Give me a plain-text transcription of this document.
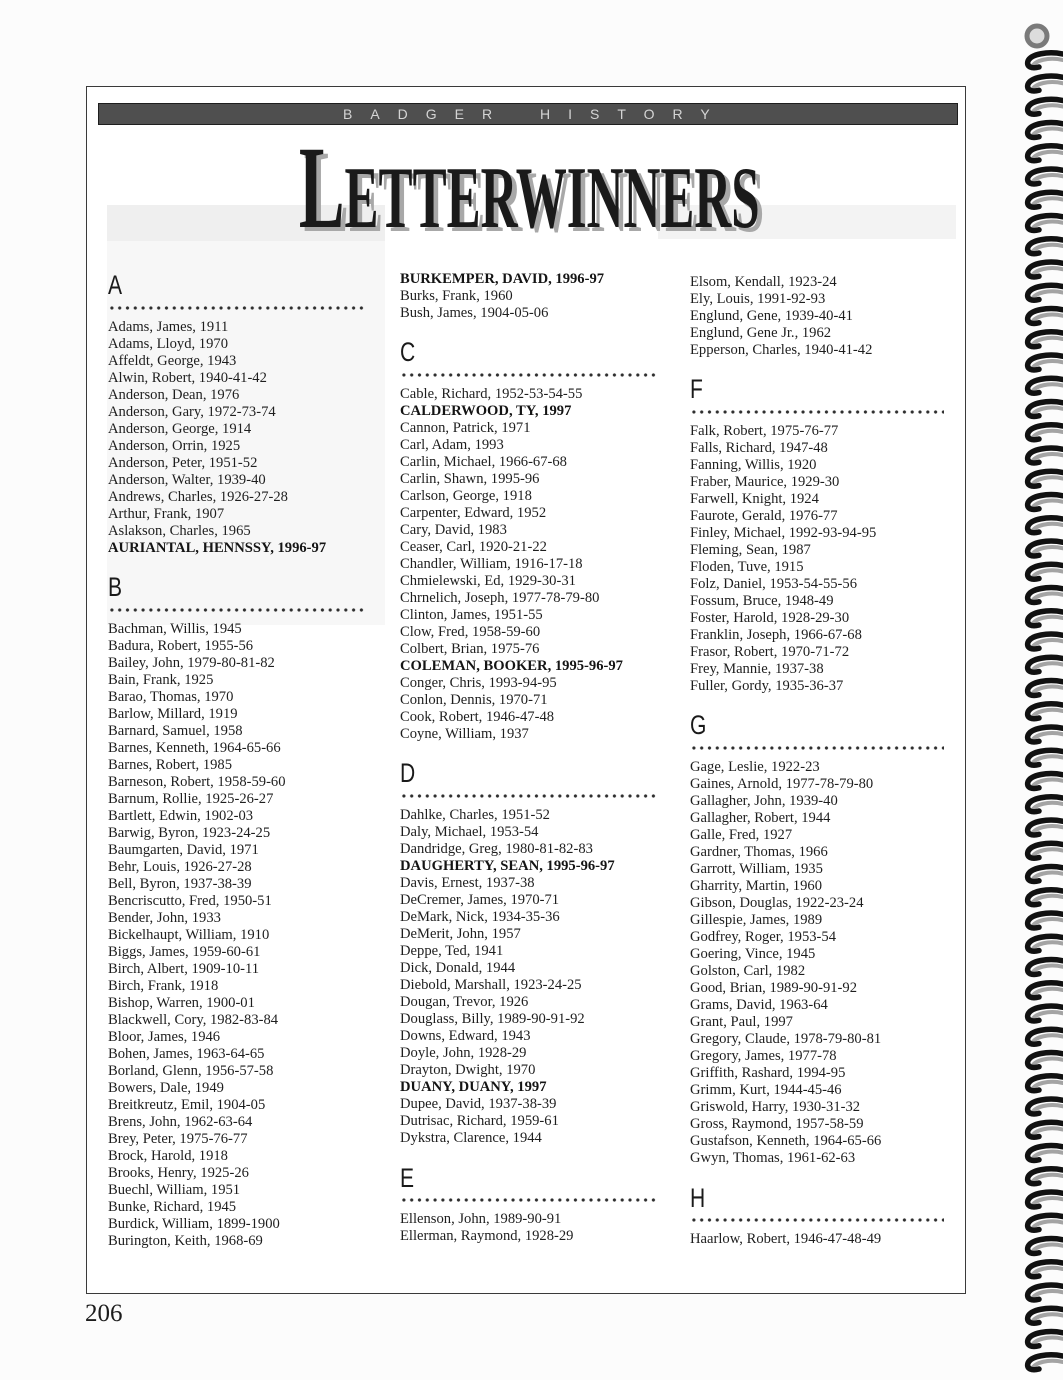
BADGER HISTORY
LETTERWINNERS
A
Adams, James, 1911
Adams, Lloyd, 1970
Affeldt, George, 1943
Alwin, Robert, 1940-41-42
Anderson, Dean, 1976
Anderson, Gary, 1972-73-74
Anderson, George, 1914
Anderson, Orrin, 1925
Anderson, Peter, 1951-52
Anderson, Walter, 1939-40
Andrews, Charles, 1926-27-28
Arthur, Frank, 1907
Aslakson, Charles, 1965
AURIANTAL, HENNSSY, 1996-97
B
Bachman, Willis, 1945
Badura, Robert, 1955-56
Bailey, John, 1979-80-81-82
Bain, Frank, 1925
Barao, Thomas, 1970
Barlow, Millard, 1919
Barnard, Samuel, 1958
Barnes, Kenneth, 1964-65-66
Barnes, Robert, 1985
Barneson, Robert, 1958-59-60
Barnum, Rollie, 1925-26-27
Bartlett, Edwin, 1902-03
Barwig, Byron, 1923-24-25
Baumgarten, David, 1971
Behr, Louis, 1926-27-28
Bell, Byron, 1937-38-39
Bencriscutto, Fred, 1950-51
Bender, John, 1933
Bickelhaupt, William, 1910
Biggs, James, 1959-60-61
Birch, Albert, 1909-10-11
Birch, Frank, 1918
Bishop, Warren, 1900-01
Blackwell, Cory, 1982-83-84
Bloor, James, 1946
Bohen, James, 1963-64-65
Borland, Glenn, 1956-57-58
Bowers, Dale, 1949
Breitkreutz, Emil, 1904-05
Brens, John, 1962-63-64
Brey, Peter, 1975-76-77
Brock, Harold, 1918
Brooks, Henry, 1925-26
Buechl, William, 1951
Bunke, Richard, 1945
Burdick, William, 1899-1900
Burington, Keith, 1968-69
BURKEMPER, DAVID, 1996-97
Burks, Frank, 1960
Bush, James, 1904-05-06
C
Cable, Richard, 1952-53-54-55
CALDERWOOD, TY, 1997
Cannon, Patrick, 1971
Carl, Adam, 1993
Carlin, Michael, 1966-67-68
Carlin, Shawn, 1995-96
Carlson, George, 1918
Carpenter, Edward, 1952
Cary, David, 1983
Ceaser, Carl, 1920-21-22
Chandler, William, 1916-17-18
Chmielewski, Ed, 1929-30-31
Chrnelich, Joseph, 1977-78-79-80
Clinton, James, 1951-55
Clow, Fred, 1958-59-60
Colbert, Brian, 1975-76
COLEMAN, BOOKER, 1995-96-97
Conger, Chris, 1993-94-95
Conlon, Dennis, 1970-71
Cook, Robert, 1946-47-48
Coyne, William, 1937
D
Dahlke, Charles, 1951-52
Daly, Michael, 1953-54
Dandridge, Greg, 1980-81-82-83
DAUGHERTY, SEAN, 1995-96-97
Davis, Ernest, 1937-38
DeCremer, James, 1970-71
DeMark, Nick, 1934-35-36
DeMerit, John, 1957
Deppe, Ted, 1941
Dick, Donald, 1944
Diebold, Marshall, 1923-24-25
Dougan, Trevor, 1926
Douglass, Billy, 1989-90-91-92
Downs, Edward, 1943
Doyle, John, 1928-29
Drayton, Dwight, 1970
DUANY, DUANY, 1997
Dupee, David, 1937-38-39
Dutrisac, Richard, 1959-61
Dykstra, Clarence, 1944
E
Ellenson, John, 1989-90-91
Ellerman, Raymond, 1928-29
Elsom, Kendall, 1923-24
Ely, Louis, 1991-92-93
Englund, Gene, 1939-40-41
Englund, Gene Jr., 1962
Epperson, Charles, 1940-41-42
F
Falk, Robert, 1975-76-77
Falls, Richard, 1947-48
Fanning, Willis, 1920
Fraber, Maurice, 1929-30
Farwell, Knight, 1924
Faurote, Gerald, 1976-77
Finley, Michael, 1992-93-94-95
Fleming, Sean, 1987
Floden, Tuve, 1915
Folz, Daniel, 1953-54-55-56
Fossum, Bruce, 1948-49
Foster, Harold, 1928-29-30
Franklin, Joseph, 1966-67-68
Frasor, Robert, 1970-71-72
Frey, Mannie, 1937-38
Fuller, Gordy, 1935-36-37
G
Gage, Leslie, 1922-23
Gaines, Arnold, 1977-78-79-80
Gallagher, John, 1939-40
Gallagher, Robert, 1944
Galle, Fred, 1927
Gardner, Thomas, 1966
Garrott, William, 1935
Gharrity, Martin, 1960
Gibson, Douglas, 1922-23-24
Gillespie, James, 1989
Godfrey, Roger, 1953-54
Goering, Vince, 1945
Golston, Carl, 1982
Good, Brian, 1989-90-91-92
Grams, David, 1963-64
Grant, Paul, 1997
Gregory, Claude, 1978-79-80-81
Gregory, James, 1977-78
Griffith, Rashard, 1994-95
Grimm, Kurt, 1944-45-46
Griswold, Harry, 1930-31-32
Gross, Raymond, 1957-58-59
Gustafson, Kenneth, 1964-65-66
Gwyn, Thomas, 1961-62-63
H
Haarlow, Robert, 1946-47-48-49
206
